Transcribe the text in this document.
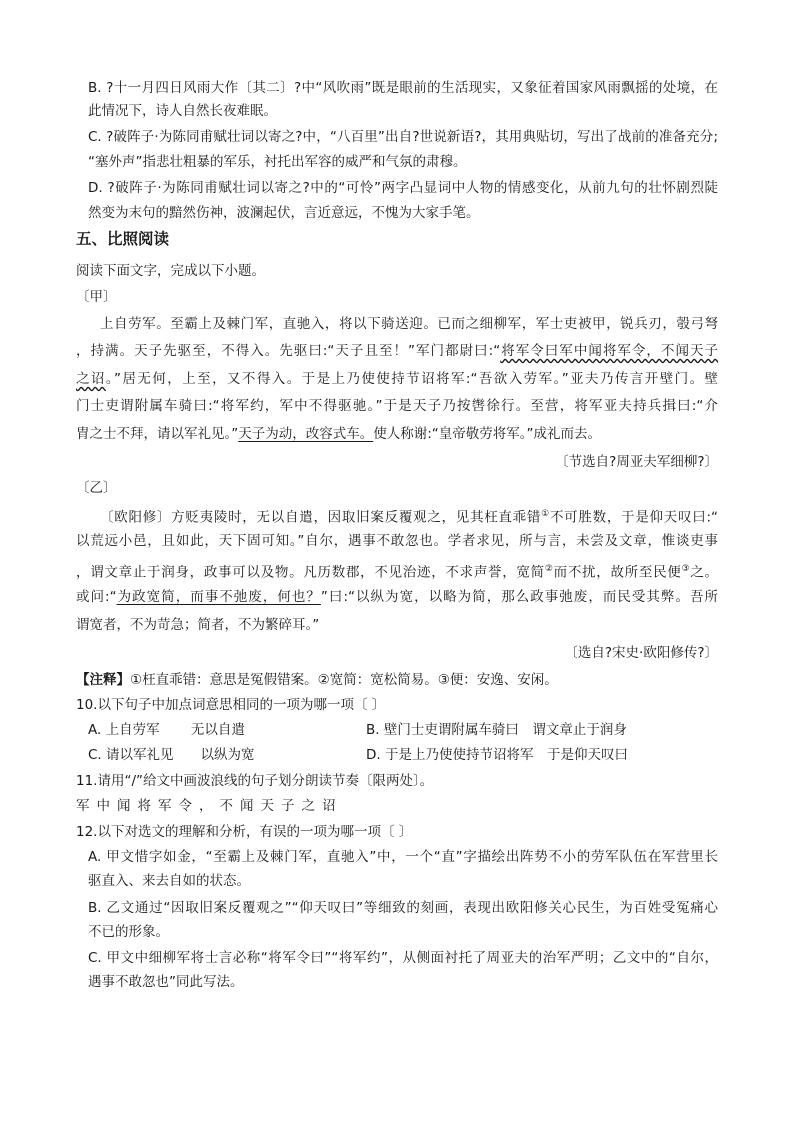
B. ?十一月四日风雨大作〔其二〕?中“风吹雨”既是眼前的生活现实，又象征着国家风雨飘摇的处境，在
此情况下，诗人自然长夜难眠。
C. ?破阵子·为陈同甫赋壮词以寄之?中，“八百里”出自?世说新语?，其用典贴切，写出了战前的准备充分;
“塞外声”指悲壮粗暴的军乐，衬托出军容的威严和气氛的肃穆。
D. ?破阵子·为陈同甫赋壮词以寄之?中的“可怜”两字凸显词中人物的情感变化，从前九句的壮怀剧烈陡
然变为末句的黯然伤神，波澜起伏，言近意远，不愧为大家手笔。
五、比照阅读
阅读下面文字，完成以下小题。
〔甲〕
上自劳军。至霸上及棘门军，直驰入，将以下骑送迎。已而之细柳军，军士吏被甲，锐兵刃，彀弓弩
，持满。天子先驱至，不得入。先驱曰:“天子且至！”军门都尉曰:“将军令曰军中闻将军令，不闻天子
之诏。”居无何，上至，又不得入。于是上乃使使持节诏将军:“吾欲入劳军。”亚夫乃传言开壁门。壁
门士吏谓附属车骑曰:“将军约，军中不得驱驰。”于是天子乃按辔徐行。至营，将军亚夫持兵揖曰:“介
胄之士不拜，请以军礼见。”天子为动，改容式车。使人称谢:“皇帝敬劳将军。”成礼而去。
〔节选自?周亚夫军细柳?〕
〔乙〕
〔欧阳修〕方贬夷陵时，无以自遣，因取旧案反覆观之，见其枉直乖错①不可胜数，于是仰天叹曰:“
以荒远小邑，且如此，天下固可知。”自尔，遇事不敢忽也。学者求见，所与言，未尝及文章，惟谈吏事
，谓文章止于润身，政事可以及物。凡历数郡，不见治迹，不求声誉，宽简②而不扰，故所至民便③之。
或问:“为政宽简，而事不弛废，何也？”曰:“以纵为宽，以略为简，那么政事弛废，而民受其弊。吾所
谓宽者，不为苛急；简者，不为繁碎耳。”
〔选自?宋史·欧阳修传?〕
【注释】①枉直乖错：意思是冤假错案。②宽简：宽松简易。③便：安逸、安闲。
10.以下句子中加点词意思相同的一项为哪一项〔 〕
A. 上自劳军　　 无以自遣	B. 壁门士吏谓附属车骑曰　谓文章止于润身
C. 请以军礼见　　以纵为宽	D. 于是上乃使使持节诏将军　于是仰天叹曰
11.请用“/”给文中画波浪线的句子划分朗读节奏〔限两处〕。
军中闻将军令，不闻天子之诏
12.以下对选文的理解和分析，有误的一项为哪一项〔 〕
A. 甲文惜字如金，“至霸上及棘门军，直驰入”中，一个“直”字描绘出阵势不小的劳军队伍在军营里长
驱直入、来去自如的状态。
B. 乙文通过“因取旧案反覆观之”“仰天叹曰”等细致的刻画，表现出欧阳修关心民生，为百姓受冤痛心
不已的形象。
C. 甲文中细柳军将士言必称“将军令曰”“将军约”，从侧面衬托了周亚夫的治军严明；乙文中的“自尔，
遇事不敢忽也”同此写法。
